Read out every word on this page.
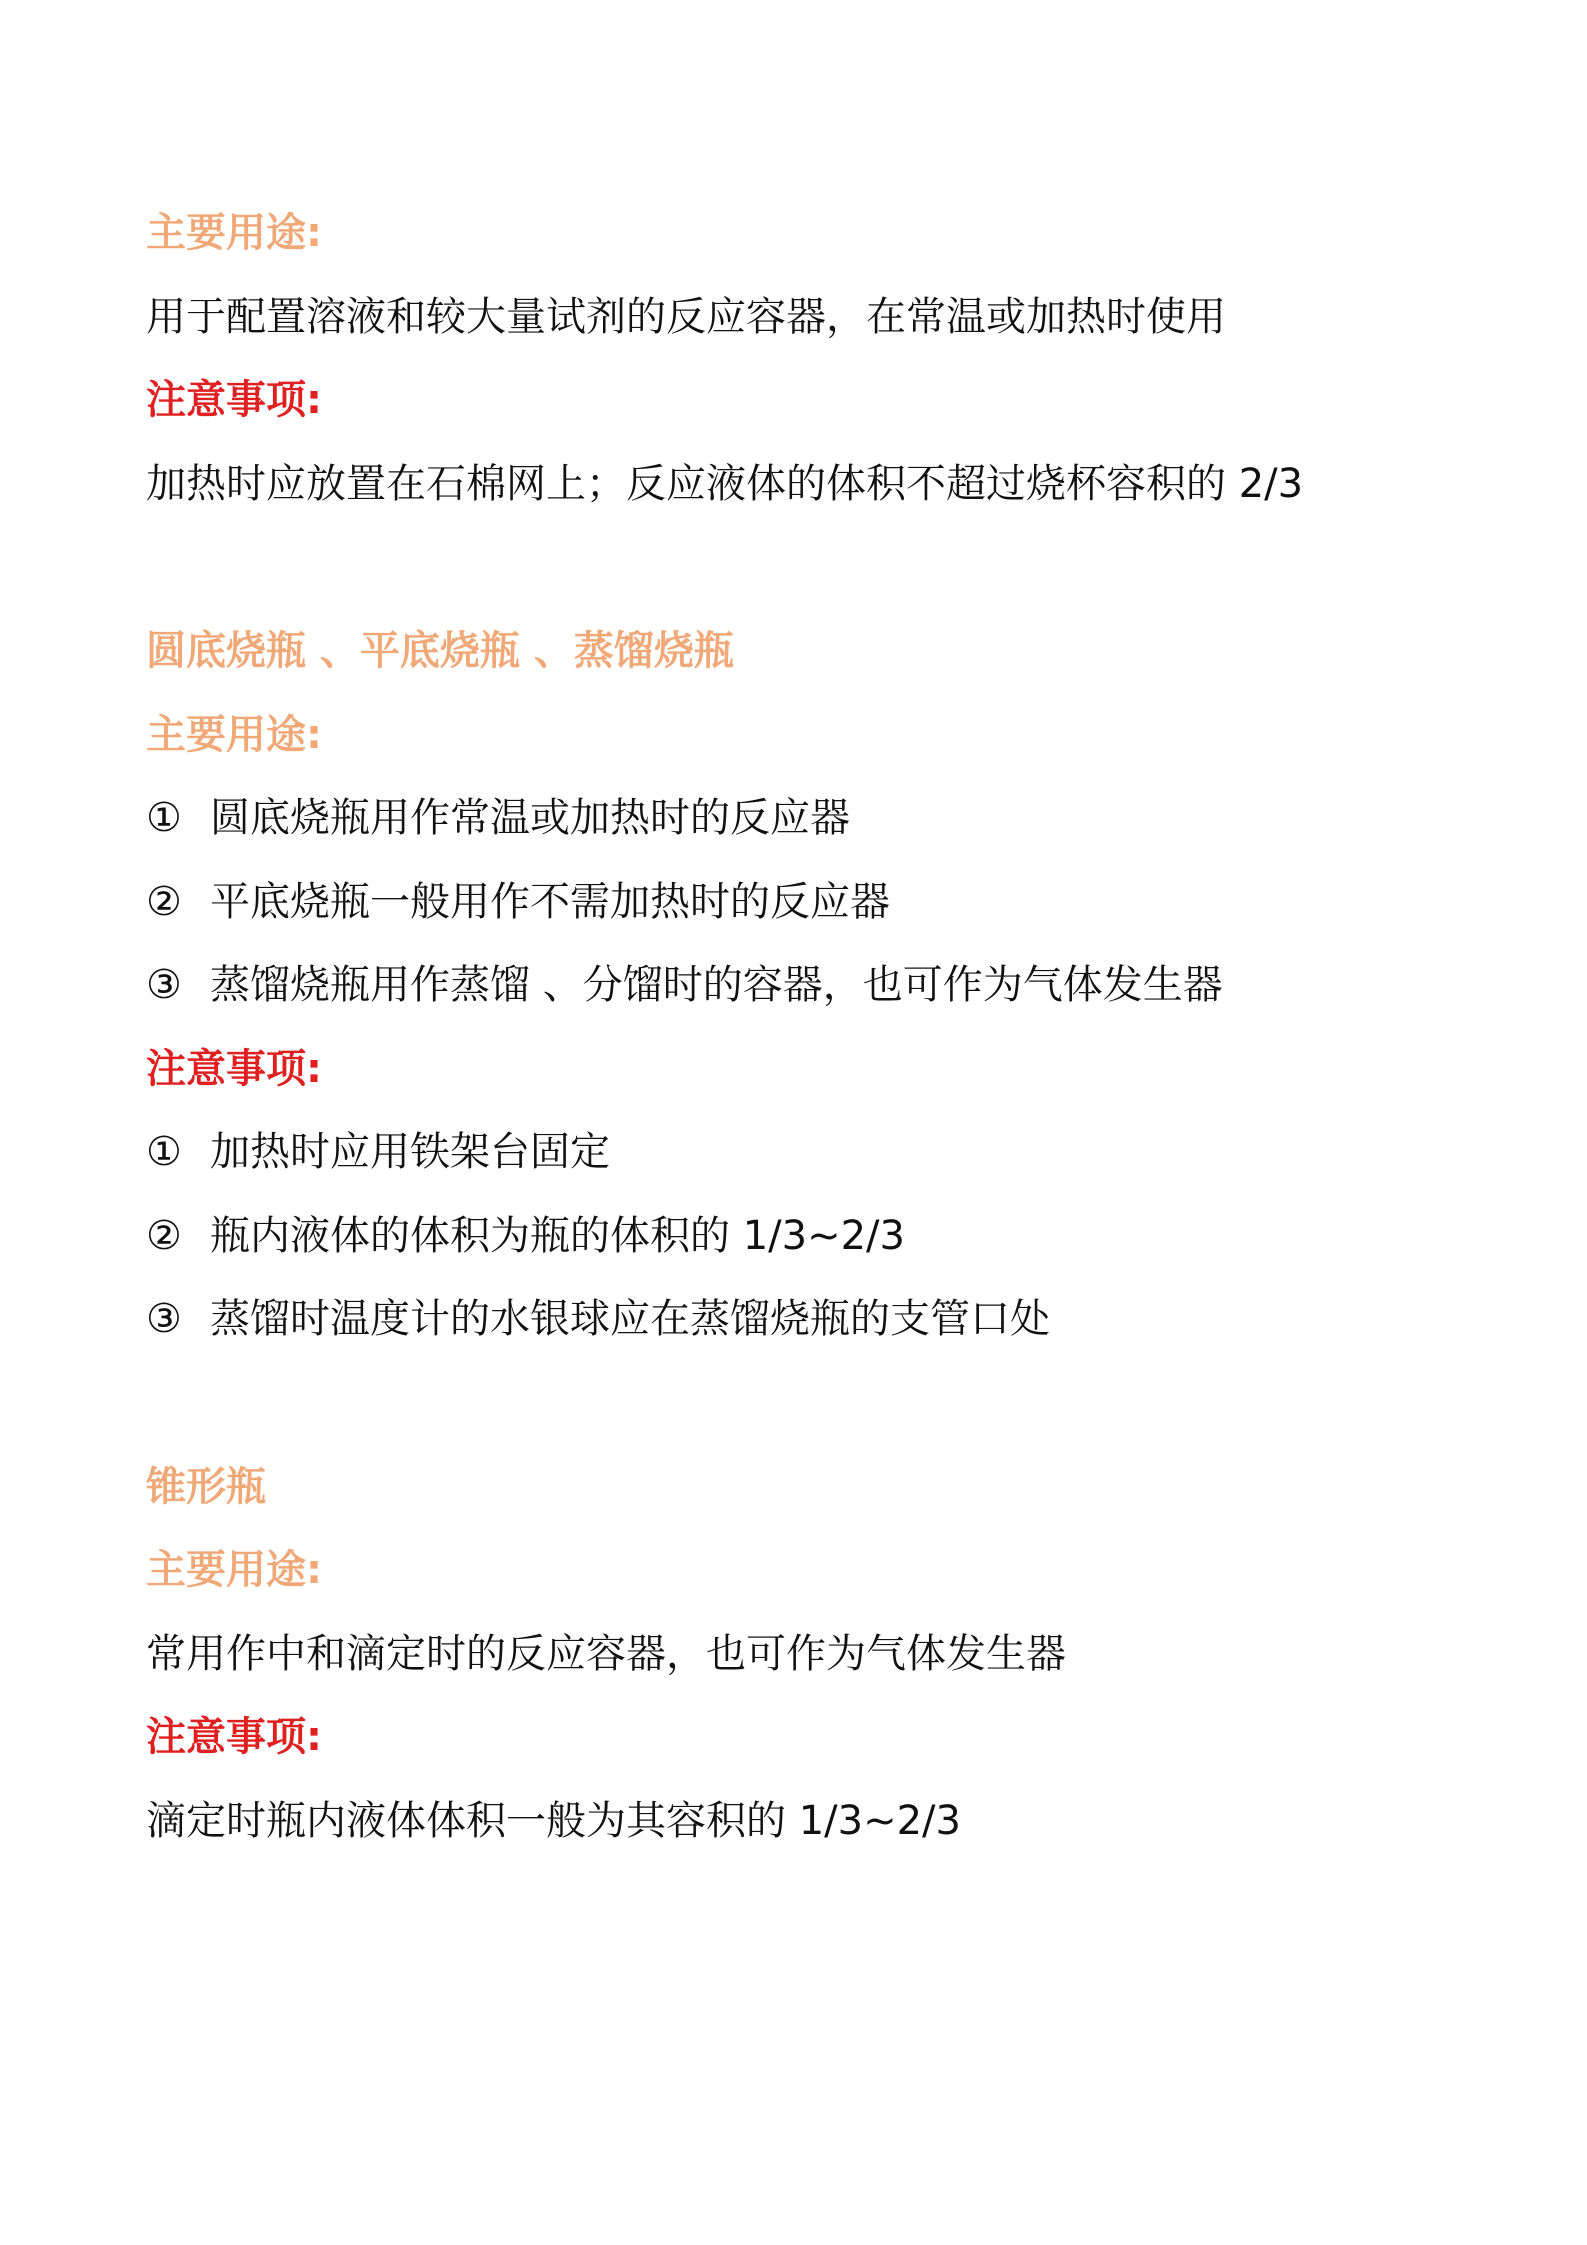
主要用途:
用于配置溶液和较大量试剂的反应容器，在常温或加热时使用
注意事项:
加热时应放置在石棉网上；反应液体的体积不超过烧杯容积的 2/3
圆底烧瓶 、平底烧瓶 、蒸馏烧瓶
主要用途:
① 圆底烧瓶用作常温或加热时的反应器
② 平底烧瓶一般用作不需加热时的反应器
③ 蒸馏烧瓶用作蒸馏 、分馏时的容器，也可作为气体发生器
注意事项:
① 加热时应用铁架台固定
② 瓶内液体的体积为瓶的体积的 1/3~2/3
③ 蒸馏时温度计的水银球应在蒸馏烧瓶的支管口处
锥形瓶
主要用途:
常用作中和滴定时的反应容器，也可作为气体发生器
注意事项:
滴定时瓶内液体体积一般为其容积的 1/3~2/3
